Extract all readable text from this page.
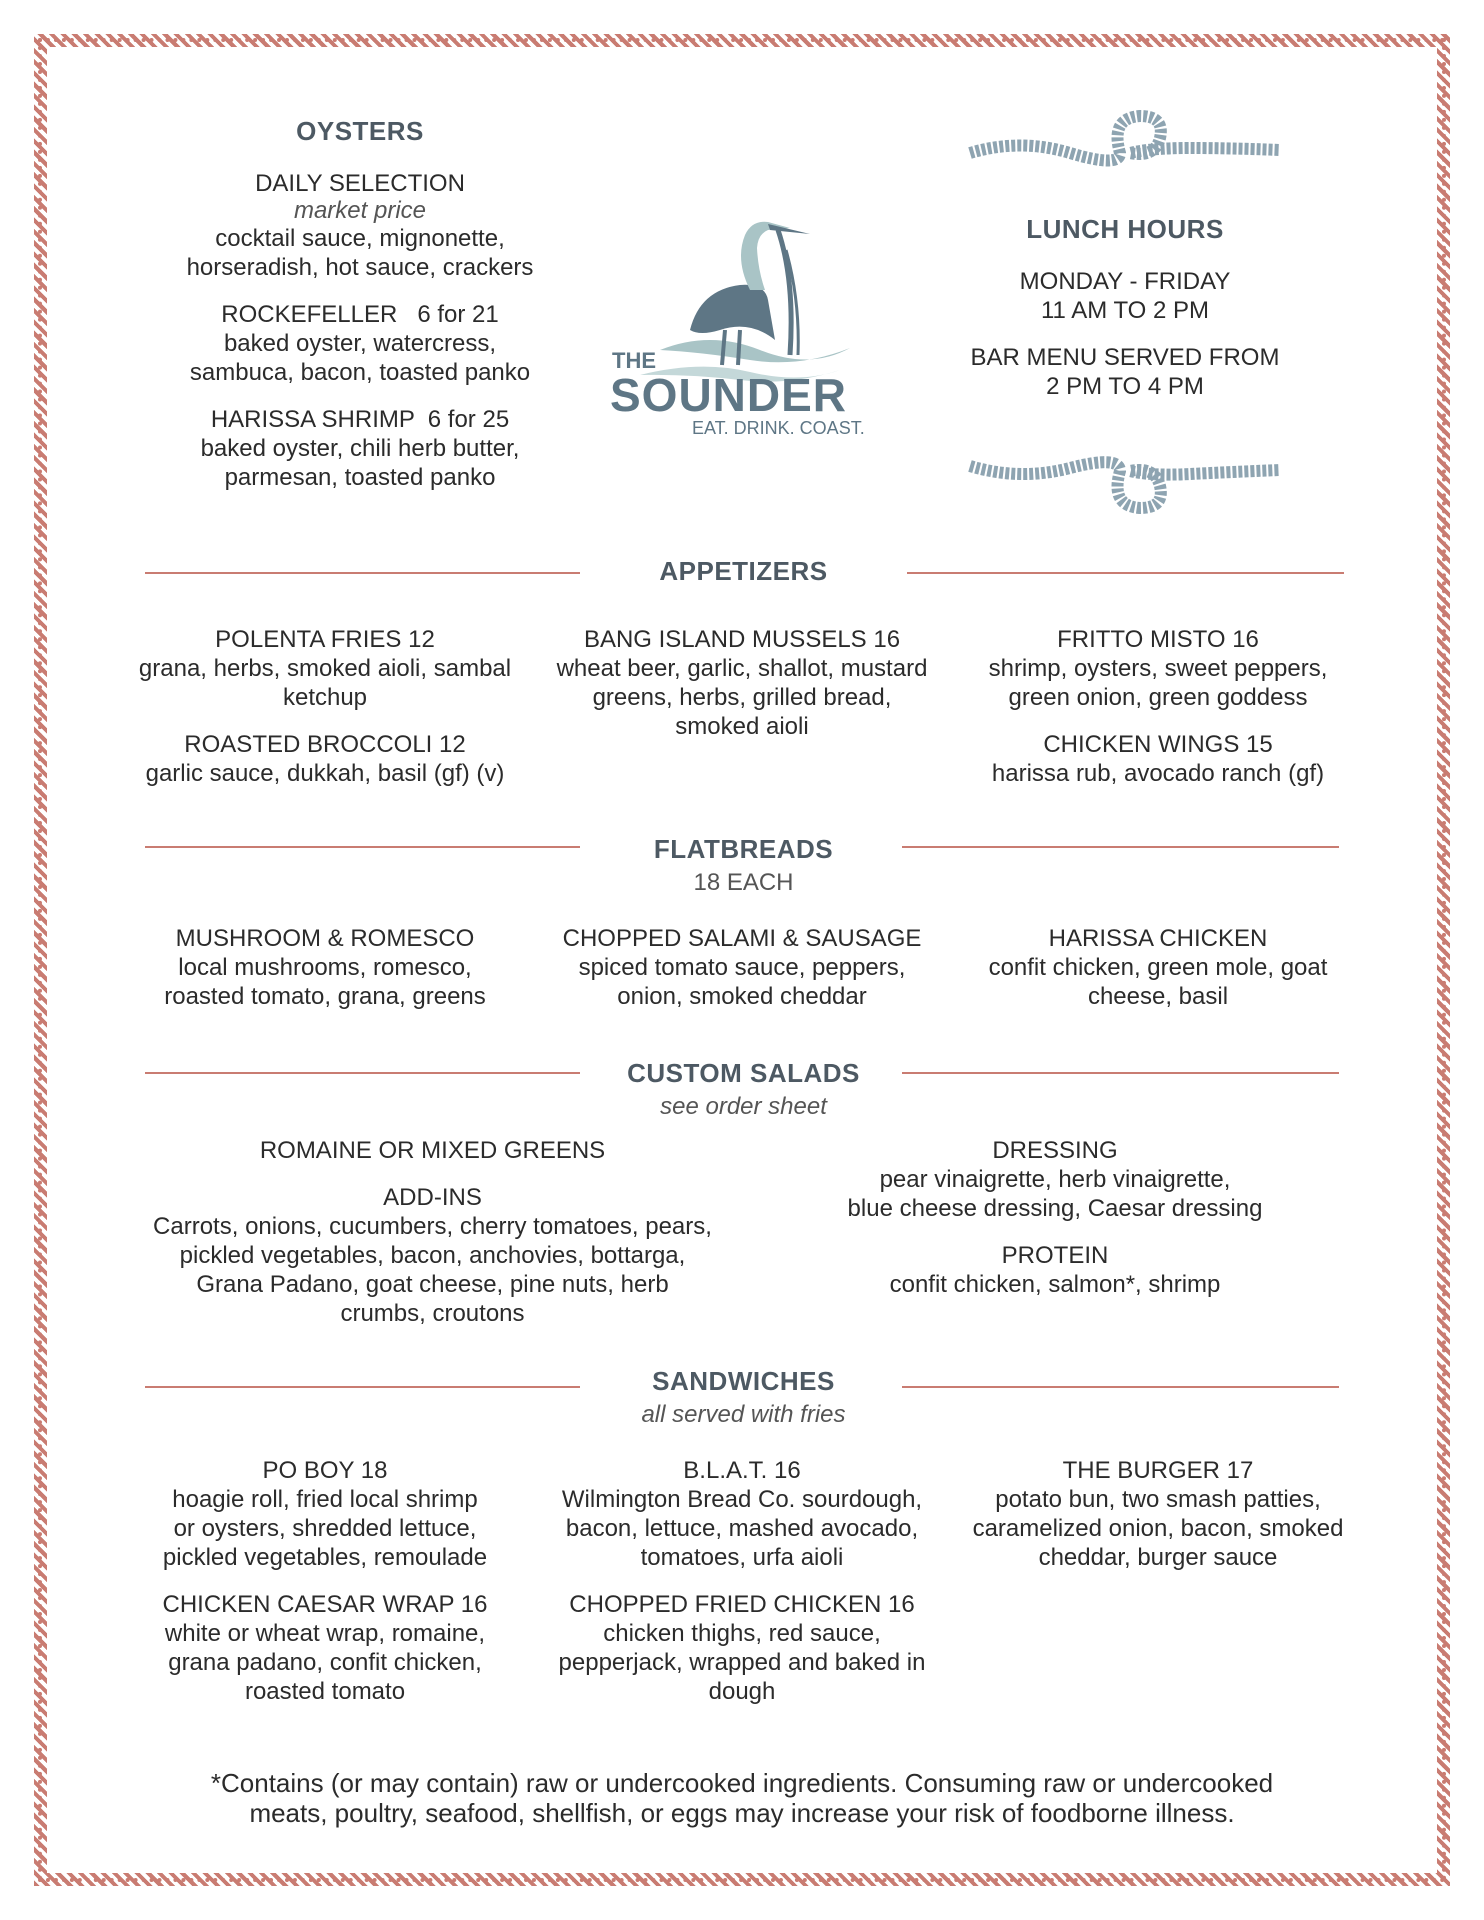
OYSTERS
DAILY SELECTION
market price
cocktail sauce, mignonette,
horseradish, hot sauce, crackers
ROCKEFELLER   6 for 21
baked oyster, watercress,
sambuca, bacon, toasted panko
HARISSA SHRIMP  6 for 25
baked oyster, chili herb butter,
parmesan, toasted panko
THE
SOUNDER
EAT. DRINK. COAST.
LUNCH HOURS
MONDAY - FRIDAY
11 AM TO 2 PM
BAR MENU SERVED FROM
2 PM TO 4 PM
APPETIZERS
POLENTA FRIES 12
grana, herbs, smoked aioli, sambal
ketchup
ROASTED BROCCOLI 12
garlic sauce, dukkah, basil (gf) (v)
BANG ISLAND MUSSELS 16
wheat beer, garlic, shallot, mustard
greens, herbs, grilled bread,
smoked aioli
FRITTO MISTO 16
shrimp, oysters, sweet peppers,
green onion, green goddess
CHICKEN WINGS 15
harissa rub, avocado ranch (gf)
FLATBREADS
18 EACH
MUSHROOM & ROMESCO
local mushrooms, romesco,
roasted tomato, grana, greens
CHOPPED SALAMI & SAUSAGE
spiced tomato sauce, peppers,
onion, smoked cheddar
HARISSA CHICKEN
confit chicken, green mole, goat
cheese, basil
CUSTOM SALADS
see order sheet
ROMAINE OR MIXED GREENS
ADD-INS
Carrots, onions, cucumbers, cherry tomatoes, pears,
pickled vegetables, bacon, anchovies, bottarga,
Grana Padano, goat cheese, pine nuts, herb
crumbs, croutons
DRESSING
pear vinaigrette, herb vinaigrette,
blue cheese dressing, Caesar dressing
PROTEIN
confit chicken, salmon*, shrimp
SANDWICHES
all served with fries
PO BOY 18
hoagie roll, fried local shrimp
or oysters, shredded lettuce,
pickled vegetables, remoulade
CHICKEN CAESAR WRAP 16
white or wheat wrap, romaine,
grana padano, confit chicken,
roasted tomato
B.L.A.T. 16
Wilmington Bread Co. sourdough,
bacon, lettuce, mashed avocado,
tomatoes, urfa aioli
CHOPPED FRIED CHICKEN 16
chicken thighs, red sauce,
pepperjack, wrapped and baked in
dough
THE BURGER 17
potato bun, two smash patties,
caramelized onion, bacon, smoked
cheddar, burger sauce
*Contains (or may contain) raw or undercooked ingredients. Consuming raw or undercooked
meats, poultry, seafood, shellfish, or eggs may increase your risk of foodborne illness.
